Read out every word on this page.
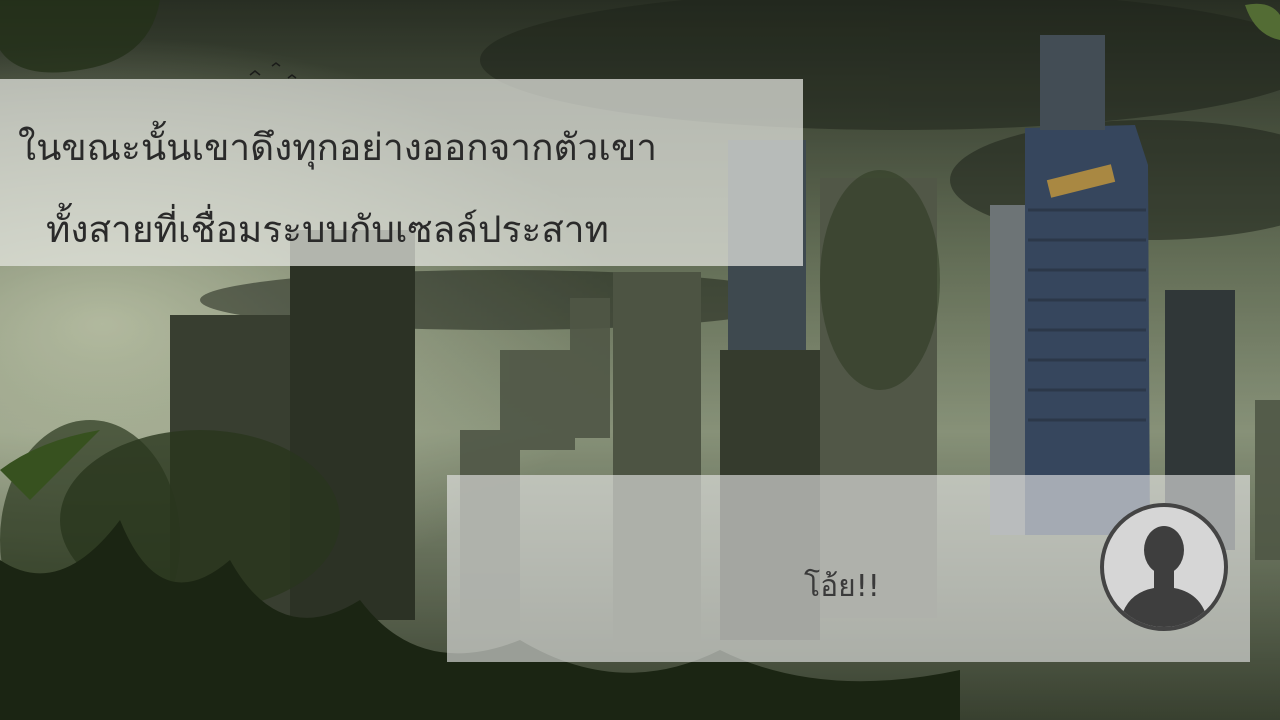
ในขณะนั้นเขาดึงทุกอย่างออกจากตัวเขา
ทั้งสายที่เชื่อมระบบกับเซลล์ประสาท
โอ้ย!!
